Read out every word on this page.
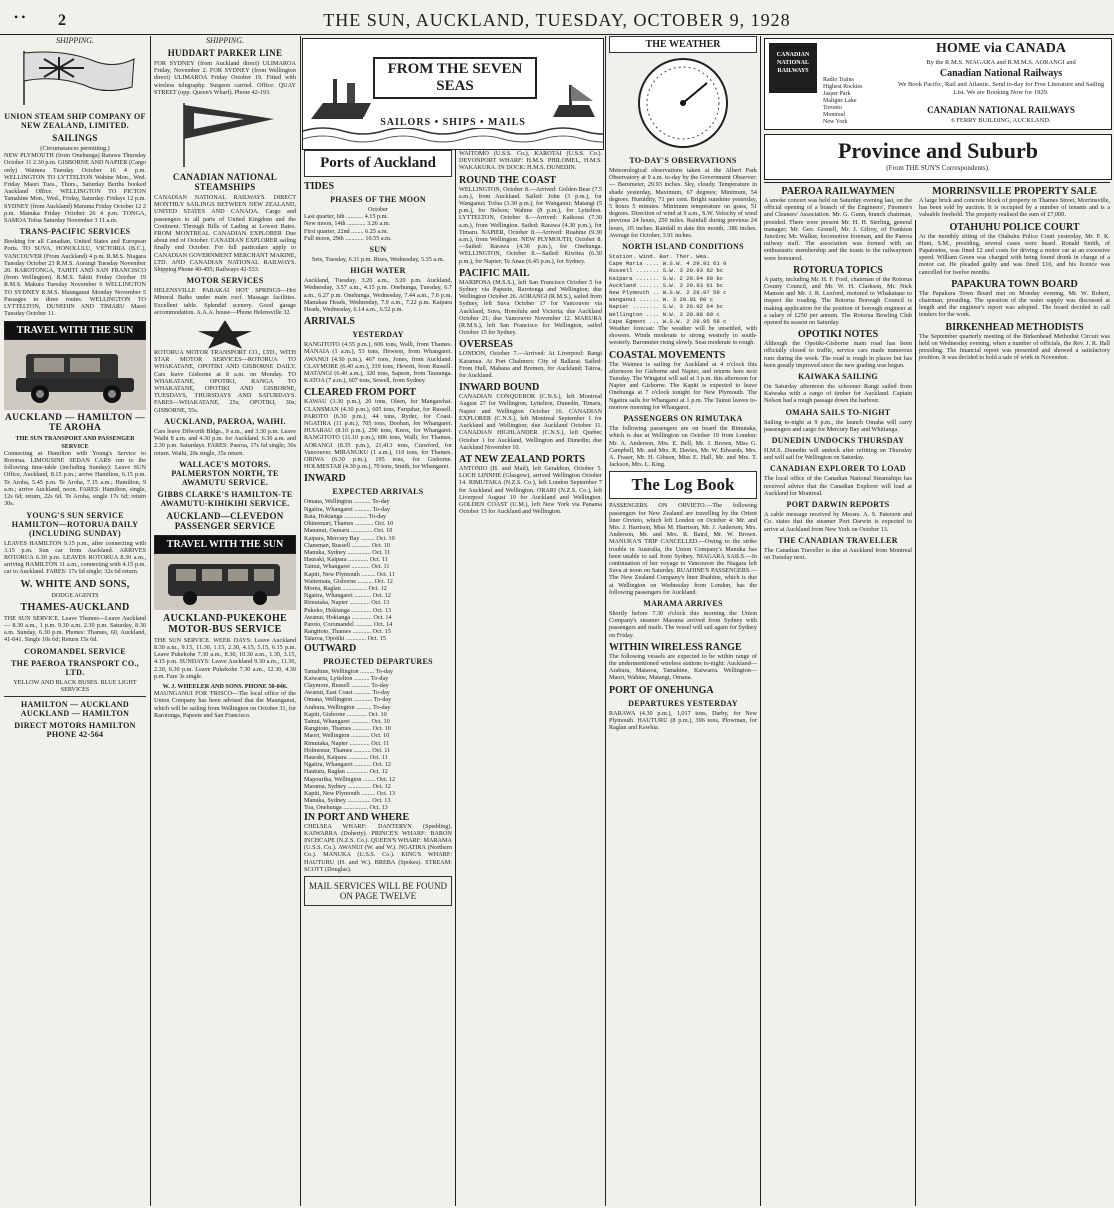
• • 2	THE SUN, AUCKLAND, TUESDAY, OCTOBER 9, 1928
SHIPPING.
UNION STEAM SHIP COMPANY OF NEW ZEALAND, LIMITED.
SAILINGS
(Circumstances permitting.)

NEW PLYMOUTH (from Onehunga) Rarawa Thursday October 11 2.30 p.m. GISBORNE AND NAPIER (Cargo only) Waimea Tuesday October 16 4 p.m. WELLINGTON TO LYTTELTON Wahine Mon., Wed. Friday Maori Tues., Thurs., Saturday Berths booked Auckland Office. WELLINGTON TO PICTON Tamahine Mon., Wed., Friday, Saturday. Fridays 12 p.m. SYDNEY (from Auckland) Marama Friday October 12 2 p.m. Manuka Friday October 26 4 p.m. TONGA, SAMOA Tofua Saturday November 3 11 a.m.

TRANS-PACIFIC SERVICES

Booking for all Canadian, United States and European Ports. TO SUVA, HONOLULU, VICTORIA (B.C.), VANCOUVER (From Auckland) 4 p.m. R.M.S. Niagara Tuesday October 23 R.M.S. Aorangi Tuesday November 20. RAROTONGA, TAHITI AND SAN FRANCISCO (from Wellington). R.M.S. Tahiti Friday October 19 R.M.S. Makura Tuesday November 6 WELLINGTON TO SYDNEY R.M.S. Maunganui Monday November 5 Passages to three routes. WELLINGTON TO LYTTELTON, DUNEDIN AND TIMARU Maori Tuesday October 11.

TRAVEL WITH THE SUN
AUCKLAND — HAMILTON — TE AROHA
THE SUN TRANSPORT AND PASSENGER SERVICE

Connecting at Hamilton with Young's Service to Rotorua. LIMOUSINE SEDAN CARS run to the following time-table (including Sunday): Leave SUN Office, Auckland, 8.15 p.m.; arrive Hamilton, 6.15 p.m. Te Aroha, 5.45 p.m. Te Aroha, 7.15 a.m.; Hamilton, 9 a.m.; arrive Auckland, noon. FARES: Hamilton, single, 12s 6d; return, 22s 6d. Te Aroha, single 17s 6d; return 30s.

YOUNG'S SUN SERVICE HAMILTON—ROTORUA DAILY (INCLUDING SUNDAY)

LEAVES HAMILTON 9.15 p.m., after connecting with 3.15 p.m. Sun car from Auckland. ARRIVES ROTORUA 6.30 p.m. LEAVES ROTORUA 8.30 a.m., arriving HAMILTON 11 a.m., connecting with 4.15 p.m. car to Auckland. FARES: 17s 6d single; 32s 6d return.

W. WHITE AND SONS,
DODGE AGENTS
THAMES-AUCKLAND

THE SUN SERVICE. Leave Thames—Leave Auckland— 8.30 a.m., 1 p.m. 9.30 a.m. 2.30 p.m. Saturday, 8.30 a.m. Sunday, 6.30 p.m. Phones: Thames, 60, Auckland, 41-041. Single 10s 6d; Return 15s 6d.

COROMANDEL SERVICE
THE PAEROA TRANSPORT CO., LTD.
YELLOW AND BLACK BUSES. BLUE LIGHT SERVICES
HAMILTON — AUCKLAND AUCKLAND — HAMILTON
DIRECT MOTORS HAMILTON PHONE 42-564
SHIPPING.
HUDDART PARKER LINE

FOR SYDNEY (from Auckland direct) ULIMAROA Friday, November 2. FOR SYDNEY (from Wellington direct) ULIMAROA Friday October 19. Fitted with wireless telegraphy. Surgeon carried. Office: QUAY STREET (opp. Queen's Wharf). Phone 42-193.

CANADIAN NATIONAL STEAMSHIPS

CANADIAN NATIONAL RAILWAYS. DIRECT MONTHLY SAILINGS BETWEEN NEW ZEALAND, UNITED STATES AND CANADA. Cargo and passengers to all parts of United Kingdom and the Continent. Through Bills of Lading at Lowest Rates. FROM MONTREAL CANADIAN EXPLORER Due about end of October. CANADIAN EXPLORER sailing finally end October. For full particulars apply to CANADIAN GOVERNMENT MERCHANT MARINE, LTD. AND CANADIAN NATIONAL RAILWAYS. Shipping Phone 40-495; Railways 42-533.

MOTOR SERVICES

HELENSVILLE PARAKAI HOT SPRINGS—Hot Mineral Baths under main roof. Massage facilities. Excellent table. Splendid scenery. Good garage accommodation. A.A.A. house—Phone Helensville 32.

ROTORUA MOTOR TRANSPORT CO., LTD., WITH STAR MOTOR SERVICES—ROTORUA TO WHAKATANE, OPOTIKI AND GISBORNE DAILY. Cars leave Gisborne at 8 a.m. on Monday. TO WHAKATANE, OPOTIKI, RANGA TO WHAKATANE, OPOTIKI AND GISBORNE, TUESDAYS, THURSDAYS AND SATURDAYS. FARES—WHAKATANE, 25s; OPOTIKI, 30s; GISBORNE, 55s.

AUCKLAND, PAEROA, WAIHI.

Cars leave Dilworth Bldgs., 9 a.m., and 3.30 p.m. Leave Waihi 8 a.m. and 4.30 p.m. for Auckland. 6.30 a.m. and 2.30 p.m. Saturdays. FARES: Paeroa, 17s 6d single; 30s return. Waihi, 20s single, 35s return.

WALLACE'S MOTORS. PALMERSTON NORTH, TE AWAMUTU SERVICE.
GIBBS CLARKE'S HAMILTON-TE AWAMUTU-KIHIKIHI SERVICE.
AUCKLAND—CLEVEDON PASSENGER SERVICE
TRAVEL WITH THE SUN
AUCKLAND-PUKEKOHE MOTOR-BUS SERVICE

THE SUN SERVICE. WEEK DAYS: Leave Auckland 8.30 a.m., 9.15, 11.30, 1.15, 2.30, 4.15, 5.15, 6.15 p.m. Leave Pukekohe 7.30 a.m., 8.30, 10.30 a.m., 1.30, 3.15, 4.15 p.m. SUNDAYS: Leave Auckland 9.30 a.m., 11.30, 2.30, 6.30 p.m. Leave Pukekohe 7.30 a.m., 12.30, 4.30 p.m. Fare 3s single.

W. J. WHEELER AND SONS. PHONE 50-046.

MAUNGANUI FOR 'FRISCO—The local office of the Union Company has been advised that the Maunganui, which will be sailing from Wellington on October 31, for Rarotonga, Papeete and San Francisco.

FROM THE SEVEN SEAS
SAILORS • SHIPS • MAILS
Ports of Auckland
TIDES
PHASES OF THE MOON
October
Last quarter, 6th ........... 4.15 p.m.
New moon, 14th ............ 3.26 a.m.
First quarter, 22nd ........ 6.25 a.m.
Full moon, 29th ............ 10.55 a.m.
SUN
Sets, Tuesday, 6.31 p.m. Rises, Wednesday, 5.35 a.m.
HIGH WATER

Auckland, Tuesday, 3.20 a.m., 3.20 p.m. Auckland, Wednesday, 3.57 a.m., 4.15 p.m. Onehunga, Tuesday, 6.7 a.m., 6.27 p.m. Onehunga, Wednesday, 7.44 a.m., 7.6 p.m. Manukau Heads, Wednesday, 7.9 a.m., 7.22 p.m. Kaipara Heads, Wednesday, 6.14 a.m., 6.52 p.m.

ARRIVALS
YESTERDAY

RANGITOTO (4.55 p.m.), 606 tons, Walli, from Thames. MANAIA (1 a.m.), 53 tons, Hewson, from Whangarei. AWANUI (4.30 p.m.), 467 tons, Jones, from Auckland. CLAYMORE (6.40 a.m.), 310 tons, Hewett, from Russell. MATANGI (6.40 a.m.), 320 tons, Sapson, from Tauranga. KATOA (7 a.m.), 607 tons, Sewell, from Sydney.

CLEARED FROM PORT

KAWAU (3.30 p.m.), 20 tons, Olsen, for Mangawhai. CLANSMAN (4.30 p.m.), 605 tons, Farquhar, for Russell. PAROTO (6.30 p.m.), 44 tons, Ryder, for Coast. NGATIRA (11 p.m.), 705 tons, Doohan, for Whangarei. HUIARAU (8.10 p.m.), 290 tons, Knox, for Whangarei. RANGITOTO (11.10 p.m.), 606 tons, Walli, for Thames. AORANGI (8.35 p.m.), 21,413 tons, Crawford, for Vancouver. MIRANUKU (1 a.m.), 110 tons, for Thames. ORIWA (6.30 p.m.), 195 tons, for Gisborne. HOLMESTAR (4.30 p.m.), 70 tons, Smith, for Whangarei.

INWARD
EXPECTED ARRIVALS
Omana, Wellington ........... To-day
Ngatira, Whangarei ........... To-day
Rata, Hokianga ............... To-day
Ohinemuri, Thames ............ Oct. 10
Manunui, Oamaru .............. Oct. 10
Kaipara, Mercury Bay ......... Oct. 10
Clansman, Russell ............ Oct. 10
Manuka, Sydney ............... Oct. 11
Hauraki, Kaipara ............. Oct. 11
Tainui, Whangarei ............ Oct. 11
Kapiti, New Plymouth ......... Oct. 11
Waitemata, Gisborne .......... Oct. 12
Morea, Raglan ................ Oct. 12
Ngatira, Whangarei ........... Oct. 12
Rimutaka, Napier ............. Oct. 13
Pukeko, Hokianga ............. Oct. 13
Awanui, Hokianga ............. Oct. 14
Paroto, Coromandel ........... Oct. 14
Rangitoto, Thames ............ Oct. 15
Taiaroa, Opotiki ............. Oct. 15
OUTWARD
PROJECTED DEPARTURES
Tamahine, Wellington ......... To-day
Kaiwarra, Lyttelton .......... To-day
Claymore, Russell ............ To-day
Awanui, East Coast ........... To-day
Omana, Wellington ............ To-day
Arahura, Wellington .......... To-day
Kapiti, Gisborne ............. Oct. 10
Tainui, Whangarei ............ Oct. 10
Rangitoto, Thames ............ Oct. 10
Maori, Wellington ............ Oct. 10
Rimutaka, Napier ............. Oct. 11
Holmestar, Thames ........... Oct. 11
Hauraki, Kaipara ............. Oct. 11
Ngatira, Whangarei ........... Oct. 12
Hauturu, Raglan .............. Oct. 12
Mapourika, Wellington ........ Oct. 12
Marama, Sydney ............... Oct. 12
Kapiti, New Plymouth ......... Oct. 13
Manuka, Sydney ............... Oct. 13
Toa, Onehunga ................ Oct. 13
IN PORT AND WHERE

CHELSEA WHARF: DANTERYN (Spedding). KAIWARRA (Doherty). PRINCE'S WHARF: BARON INCHCAPE (N.Z.S. Co.). QUEEN'S WHARF: MARAMA (U.S.S. Co.). AWANUI (W. and W.). NGATIRA (Northern Co.). MANUKA (U.S.S. Co.). KING'S WHARF: HAUTURU (H. and W.). BREBA (Spokes). STREAM: SCOTT (Douglas).

MAIL SERVICES WILL BE FOUND ON PAGE TWELVE

WAITOMO (U.S.S. Co.), KAROTAI (U.S.S. Co.). DEVONPORT WHARF: H.M.S. PHILOMEL, H.M.S. WAKAKURA. IN DOCK: H.M.S. DUNEDIN.

ROUND THE COAST

WELLINGTON, October 8.—Arrived: Golden Bear (7.5 a.m.), from Auckland. Sailed: John (3 p.m.), for Wanganui; Tofua (3.30 p.m.), for Wanganui; Matangi (5 p.m.), for Nelson; Wahine (8 p.m.), for Lyttelton. LYTTELTON, October 8.—Arrived: Kaikorai (7.30 a.m.), from Wellington. Sailed: Rarawa (4.30 p.m.), for Timaru. NAPIER, October 8.—Arrived: Ruahine (9.30 a.m.), from Wellington. NEW PLYMOUTH, October 8.—Sailed: Rarawa (4.30 p.m.), for Onehunga. WELLINGTON, October 8.—Sailed: Kiwitea (6.30 p.m.), for Napier; Te Anau (6.45 p.m.), for Sydney.

PACIFIC MAIL

MARIPOSA (M.S.S.), left San Francisco October 5 for Sydney via Papeete, Rarotonga and Wellington; due Wellington October 26. AORANGI (R.M.S.), sailed from Sydney, left Suva October 17 for Vancouver via Auckland, Suva, Honolulu and Victoria; due Auckland October 21; due Vancouver November 12. MAKURA (R.M.S.), left San Francisco for Wellington, sailed October 15 for Sydney.

OVERSEAS

LONDON, October 7.—Arrived: At Liverpool: Rangi Karamea. At Port Chalmers: City of Ballarat. Sailed: From Hull, Mahana and Bremen, for Auckland; Tairoa, for Auckland.

INWARD BOUND

CANADIAN CONQUEROR (C.N.S.), left Montreal August 27 for Wellington, Lyttelton, Dunedin, Timaru, Napier and Wellington October 16. CANADIAN EXPLORER (C.N.S.), left Montreal September 1 for Auckland and Wellington; due Auckland October 11. CANADIAN HIGHLANDER (C.N.S.), left Quebec October 1 for Auckland, Wellington and Dunedin; due Auckland November 10.

AT NEW ZEALAND PORTS

ANTONIO (H. and Mail), left Geraldton, October 5. LOCH LINNHE (Glasgow), arrived Wellington October 14. RIMUTAKA (N.Z.S. Co.), left London September 7 for Auckland and Wellington. ORARI (N.Z.S. Co.), left Liverpool August 10 for Auckland and Wellington. GOLDEN COAST (U.M.), left New York via Panama October 13 for Auckland and Wellington.

THE WEATHER
TO-DAY'S OBSERVATIONS

Meteorological observations taken at the Albert Park Observatory at 9 a.m. to-day by the Government Observer:— Barometer, 29.93 inches. Sky, cloudy. Temperature in shade yesterday, Maximum, 67 degrees; Minimum, 54 degrees. Humidity, 71 per cent. Bright sunshine yesterday, 5 hours 5 minutes. Minimum temperature on grass, 51 degrees. Direction of wind at 9 a.m., S.W. Velocity of wind previous 24 hours, 250 miles. Rainfall during previous 24 hours, .05 inches. Rainfall to date this month, .386 inches. Average for October, 3.91 inches.

NORTH ISLAND CONDITIONS
Station. Wind. Bar. Ther. Wea.
Cape Maria .... W.S.W. 4 29.91 61 0
Russell ....... S.W. 3 29.93 62 bc
Kaipara ....... S.W. 2 29.94 60 bc
Auckland ...... S.W. 3 29.93 61 bc
New Plymouth .. W.S.W. 2 29.97 59 c
Wanganui ...... W. 3 29.91 60 c
Napier ........ S.W. 3 29.92 64 bc
Wellington .... N.W. 3 29.88 60 c
Cape Egmont ... W.S.W. 2 29.95 58 c

Weather forecast: The weather will be unsettled, with showers. Winds moderate to strong westerly to south-westerly. Barometer rising slowly. Seas moderate to rough.

COASTAL MOVEMENTS

The Waimea is sailing for Auckland at 4 o'clock this afternoon for Gisborne and Napier, and returns here next Tuesday. The Wingatui will sail at 3 p.m. this afternoon for Napier and Gisborne. The Kapiti is expected to leave Onehunga at 7 o'clock tonight for New Plymouth. The Ngatira sails for Whangarei at 1 p.m. The Tainui leaves to-morrow morning for Whangarei.

PASSENGERS ON RIMUTAKA

The following passengers are on board the Rimutaka, which is due at Wellington on October 19 from London: Mr. A. Anderson, Mrs. E. Bell, Mr. J. Brown, Miss G. Campbell, Mr. and Mrs. R. Davies, Mr. W. Edwards, Mrs. A. Fraser, Mr. H. Gibson, Miss E. Hall, Mr. and Mrs. T. Jackson, Mrs. L. King.

The Log Book

PASSENGERS ON ORVIETO.—The following passengers for New Zealand are travelling by the Orient liner Orvieto, which left London on October 4: Mr. and Mrs. J. Harrison, Miss M. Harrison, Mr. J. Anderson, Mrs. Anderson, Mr. and Mrs. R. Baird, Mr. W. Brown. MANUKA'S TRIP CANCELLED.—Owing to the strike trouble in Australia, the Union Company's Manuka has been unable to sail from Sydney. NIAGARA SAILS.—In continuation of her voyage to Vancouver the Niagara left Suva at noon on Saturday. RUAHINE'S PASSENGERS.—The New Zealand Company's liner Ruahine, which is due at Wellington on Wednesday from London, has the following passengers for Auckland.

MARAMA ARRIVES

Shortly before 7.30 o'clock this morning the Union Company's steamer Marama arrived from Sydney with passengers and mails. The vessel will sail again for Sydney on Friday.

WITHIN WIRELESS RANGE

The following vessels are expected to be within range of the undermentioned wireless stations to-night: Auckland—Arahura, Mataroa, Tamahine, Kaiwarra. Wellington—Maori, Wahine, Matangi, Omana.

PORT OF ONEHUNGA
DEPARTURES YESTERDAY

RARAWA (4.30 p.m.), 1,017 tons, Darby, for New Plymouth. HAUTURU (8 p.m.), 396 tons, Plowman, for Raglan and Kawhia.

CANADIAN NATIONAL RAILWAYS
Radio Trains
Highest Rockies
Jasper Park
Maligne Lake
Toronto
Montreal
New York
HOME via CANADA
By the R.M.S. NIAGARA and R.M.M.S. AORANGI and
Canadian National Railways
We Book Pacific, Rail and Atlantic. Send to-day for Free Literature and Sailing List. We are Booking Now for 1929.
CANADIAN NATIONAL RAILWAYS
6 FERRY BUILDING, AUCKLAND.
Province and Suburb
(From THE SUN'S Correspondents).
PAEROA RAILWAYMEN

A smoke concert was held on Saturday evening last, on the official opening of a branch of the Engineers', Firemen's and Cleaners' Association. Mr. G. Gunn, branch chairman, presided. There were present Mr. H. H. Sterling, general manager; Mr. Geo. Grenell, Mr. J. Gilroy, of Frankton Junction; Mr. Walker, locomotive foreman, and the Paeroa railway staff. The association was formed with an enthusiastic membership and the toasts to the railwaymen were honoured.

ROTORUA TOPICS

A party, including Mr. H. F. Ford, chairman of the Rotorua County Council, and Mr. W. H. Clarkson, Mr. Nick Manson and Mr. J. R. Luxford, motored to Whakatane to inspect the roading. The Rotorua Borough Council is making application for the position of borough engineer at a salary of £250 per annum. The Rotorua Bowling Club opened its season on Saturday.

OPOTIKI NOTES

Although the Opotiki-Gisborne main road has been officially closed to traffic, service cars made numerous runs during the week. The road is rough in places but has been greatly improved since the new grading was begun.

KAIWAKA SAILING

On Saturday afternoon the schooner Rangi sailed from Kaiwaka with a cargo of timber for Auckland. Captain Nelson had a rough passage down the harbour.

OMAHA SAILS TO-NIGHT

Sailing to-night at 9 p.m., the launch Omaha will carry passengers and cargo for Mercury Bay and Whitianga.

DUNEDIN UNDOCKS THURSDAY

H.M.S. Dunedin will undock after refitting on Thursday and will sail for Wellington on Saturday.

CANADIAN EXPLORER TO LOAD

The local office of the Canadian National Steamships has received advice that the Canadian Explorer will load at Auckland for Montreal.

PORT DARWIN REPORTS

A cable message received by Messrs. A. S. Paterson and Co. states that the steamer Port Darwin is expected to arrive at Auckland from New York on October 13.

THE CANADIAN TRAVELLER

The Canadian Traveller is due at Auckland from Montreal on Tuesday next.

MORRINSVILLE PROPERTY SALE

A large brick and concrete block of property in Thames Street, Morrinsville, has been sold by auction. It is occupied by a number of tenants and is a valuable freehold. The property realised the sum of £7,000.

OTAHUHU POLICE COURT

At the monthly sitting of the Otahuhu Police Court yesterday, Mr. F. K. Hunt, S.M., presiding, several cases were heard. Ronald Smith, of Papatoetoe, was fined £2 and costs for driving a motor car at an excessive speed. William Green was charged with being found drunk in charge of a motor car. He pleaded guilty and was fined £10, and his licence was cancelled for twelve months.

PAPAKURA TOWN BOARD

The Papakura Town Board met on Monday evening, Mr. W. Robert, chairman, presiding. The question of the water supply was discussed at length and the engineer's report was adopted. The board decided to call tenders for the work.

BIRKENHEAD METHODISTS

The September quarterly meeting of the Birkenhead Methodist Circuit was held on Wednesday evening, when a number of officials, the Rev. J. R. Hall presiding. The financial report was presented and showed a satisfactory position. It was decided to hold a sale of work in November.
